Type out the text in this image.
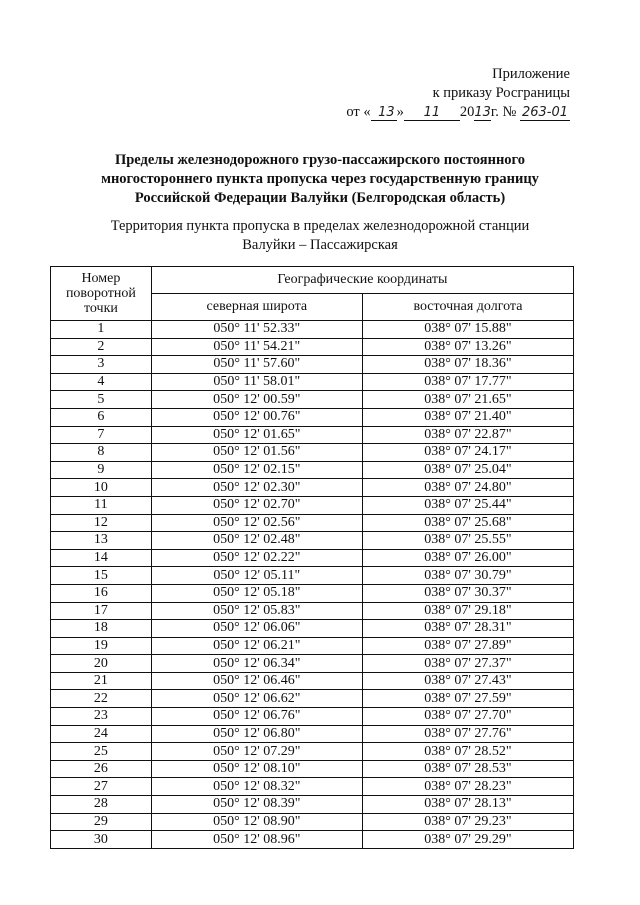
Приложение
к приказу Росграницы
от « 13 » 11 2013г. № 263-01
Пределы железнодорожного грузо-пассажирского постоянного
многостороннего пункта пропуска через государственную границу
Российской Федерации Валуйки (Белгородская область)
Территория пункта пропуска в пределах железнодорожной станции
Валуйки – Пассажирская
Номер поворотной точки	Географические координаты	
	северная широта	восточная долгота
1	050° 11' 52.33"	038° 07' 15.88"
2	050° 11' 54.21"	038° 07' 13.26"
3	050° 11' 57.60"	038° 07' 18.36"
4	050° 11' 58.01"	038° 07' 17.77"
5	050° 12' 00.59"	038° 07' 21.65"
6	050° 12' 00.76"	038° 07' 21.40"
7	050° 12' 01.65"	038° 07' 22.87"
8	050° 12' 01.56"	038° 07' 24.17"
9	050° 12' 02.15"	038° 07' 25.04"
10	050° 12' 02.30"	038° 07' 24.80"
11	050° 12' 02.70"	038° 07' 25.44"
12	050° 12' 02.56"	038° 07' 25.68"
13	050° 12' 02.48"	038° 07' 25.55"
14	050° 12' 02.22"	038° 07' 26.00"
15	050° 12' 05.11"	038° 07' 30.79"
16	050° 12' 05.18"	038° 07' 30.37"
17	050° 12' 05.83"	038° 07' 29.18"
18	050° 12' 06.06"	038° 07' 28.31"
19	050° 12' 06.21"	038° 07' 27.89"
20	050° 12' 06.34"	038° 07' 27.37"
21	050° 12' 06.46"	038° 07' 27.43"
22	050° 12' 06.62"	038° 07' 27.59"
23	050° 12' 06.76"	038° 07' 27.70"
24	050° 12' 06.80"	038° 07' 27.76"
25	050° 12' 07.29"	038° 07' 28.52"
26	050° 12' 08.10"	038° 07' 28.53"
27	050° 12' 08.32"	038° 07' 28.23"
28	050° 12' 08.39"	038° 07' 28.13"
29	050° 12' 08.90"	038° 07' 29.23"
30	050° 12' 08.96"	038° 07' 29.29"
